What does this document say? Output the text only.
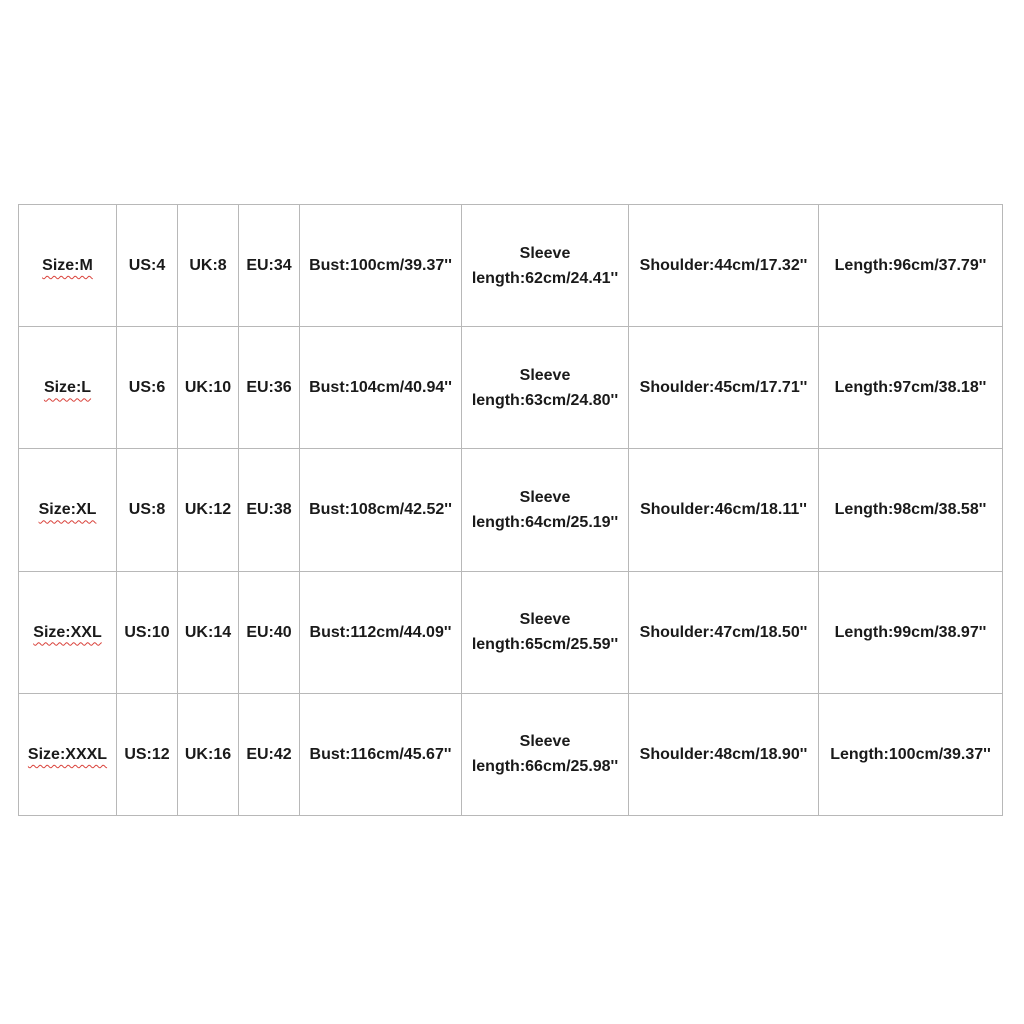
Size:M	US:4	UK:8	EU:34	Bust:100cm/39.37''	Sleeve
length:62cm/24.41''	Shoulder:44cm/17.32''	Length:96cm/37.79''
Size:L	US:6	UK:10	EU:36	Bust:104cm/40.94''	Sleeve
length:63cm/24.80''	Shoulder:45cm/17.71''	Length:97cm/38.18''
Size:XL	US:8	UK:12	EU:38	Bust:108cm/42.52''	Sleeve
length:64cm/25.19''	Shoulder:46cm/18.11''	Length:98cm/38.58''
Size:XXL	US:10	UK:14	EU:40	Bust:112cm/44.09''	Sleeve
length:65cm/25.59''	Shoulder:47cm/18.50''	Length:99cm/38.97''
Size:XXXL	US:12	UK:16	EU:42	Bust:116cm/45.67''	Sleeve
length:66cm/25.98''	Shoulder:48cm/18.90''	Length:100cm/39.37''
